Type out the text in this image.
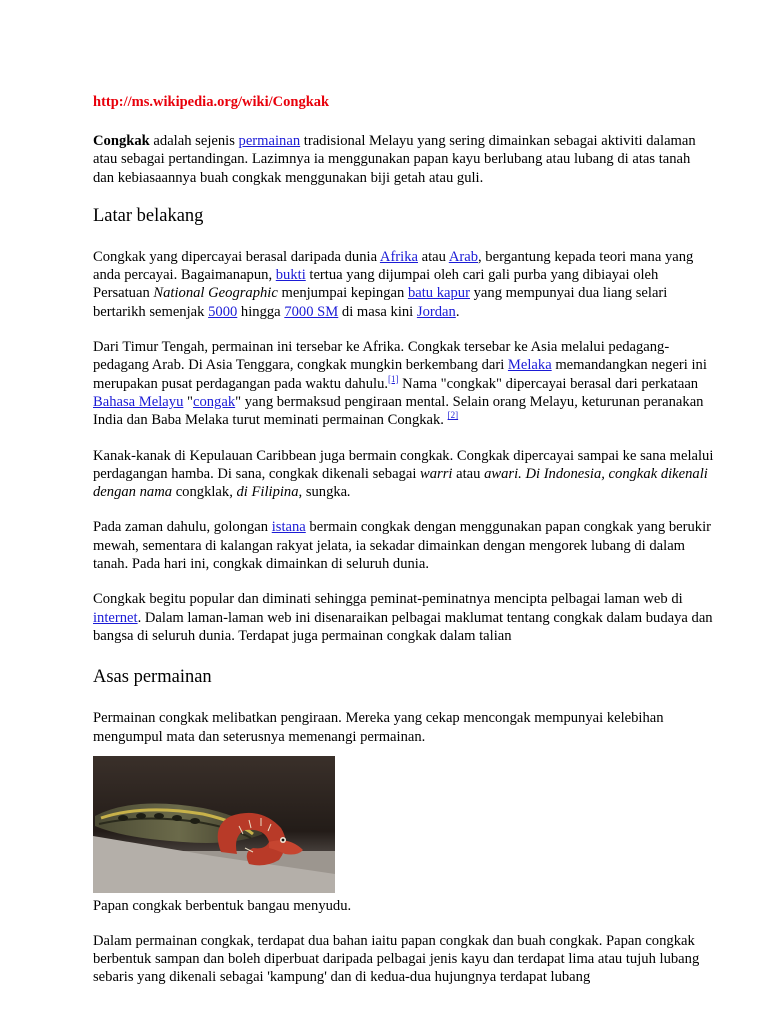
http://ms.wikipedia.org/wiki/Congkak

Congkak adalah sejenis permainan tradisional Melayu yang sering dimainkan sebagai aktiviti dalaman atau sebagai pertandingan. Lazimnya ia menggunakan papan kayu berlubang atau lubang di atas tanah dan kebiasaannya buah congkak menggunakan biji getah atau guli.

Latar belakang

Congkak yang dipercayai berasal daripada dunia Afrika atau Arab, bergantung kepada teori mana yang anda percayai. Bagaimanapun, bukti tertua yang dijumpai oleh cari gali purba yang dibiayai oleh Persatuan National Geographic menjumpai kepingan batu kapur yang mempunyai dua liang selari bertarikh semenjak 5000 hingga 7000 SM di masa kini Jordan.

Dari Timur Tengah, permainan ini tersebar ke Afrika. Congkak tersebar ke Asia melalui pedagang-pedagang Arab. Di Asia Tenggara, congkak mungkin berkembang dari Melaka memandangkan negeri ini merupakan pusat perdagangan pada waktu dahulu.[1] Nama "congkak" dipercayai berasal dari perkataan Bahasa Melayu "congak" yang bermaksud pengiraan mental. Selain orang Melayu, keturunan peranakan India dan Baba Melaka turut meminati permainan Congkak. [2]

Kanak-kanak di Kepulauan Caribbean juga bermain congkak. Congkak dipercayai sampai ke sana melalui perdagangan hamba. Di sana, congkak dikenali sebagai warri atau awari. Di Indonesia, congkak dikenali dengan nama congklak, di Filipina, sungka.

Pada zaman dahulu, golongan istana bermain congkak dengan menggunakan papan congkak yang berukir mewah, sementara di kalangan rakyat jelata, ia sekadar dimainkan dengan mengorek lubang di dalam tanah. Pada hari ini, congkak dimainkan di seluruh dunia.

Congkak begitu popular dan diminati sehingga peminat-peminatnya mencipta pelbagai laman web di internet. Dalam laman-laman web ini disenaraikan pelbagai maklumat tentang congkak dalam budaya dan bangsa di seluruh dunia. Terdapat juga permainan congkak dalam talian

Asas permainan

Permainan congkak melibatkan pengiraan. Mereka yang cekap mencongak mempunyai kelebihan mengumpul mata dan seterusnya memenangi permainan.

Papan congkak berbentuk bangau menyudu.

Dalam permainan congkak, terdapat dua bahan iaitu papan congkak dan buah congkak. Papan congkak berbentuk sampan dan boleh diperbuat daripada pelbagai jenis kayu dan terdapat lima atau tujuh lubang sebaris yang dikenali sebagai 'kampung' dan di kedua-dua hujungnya terdapat lubang
